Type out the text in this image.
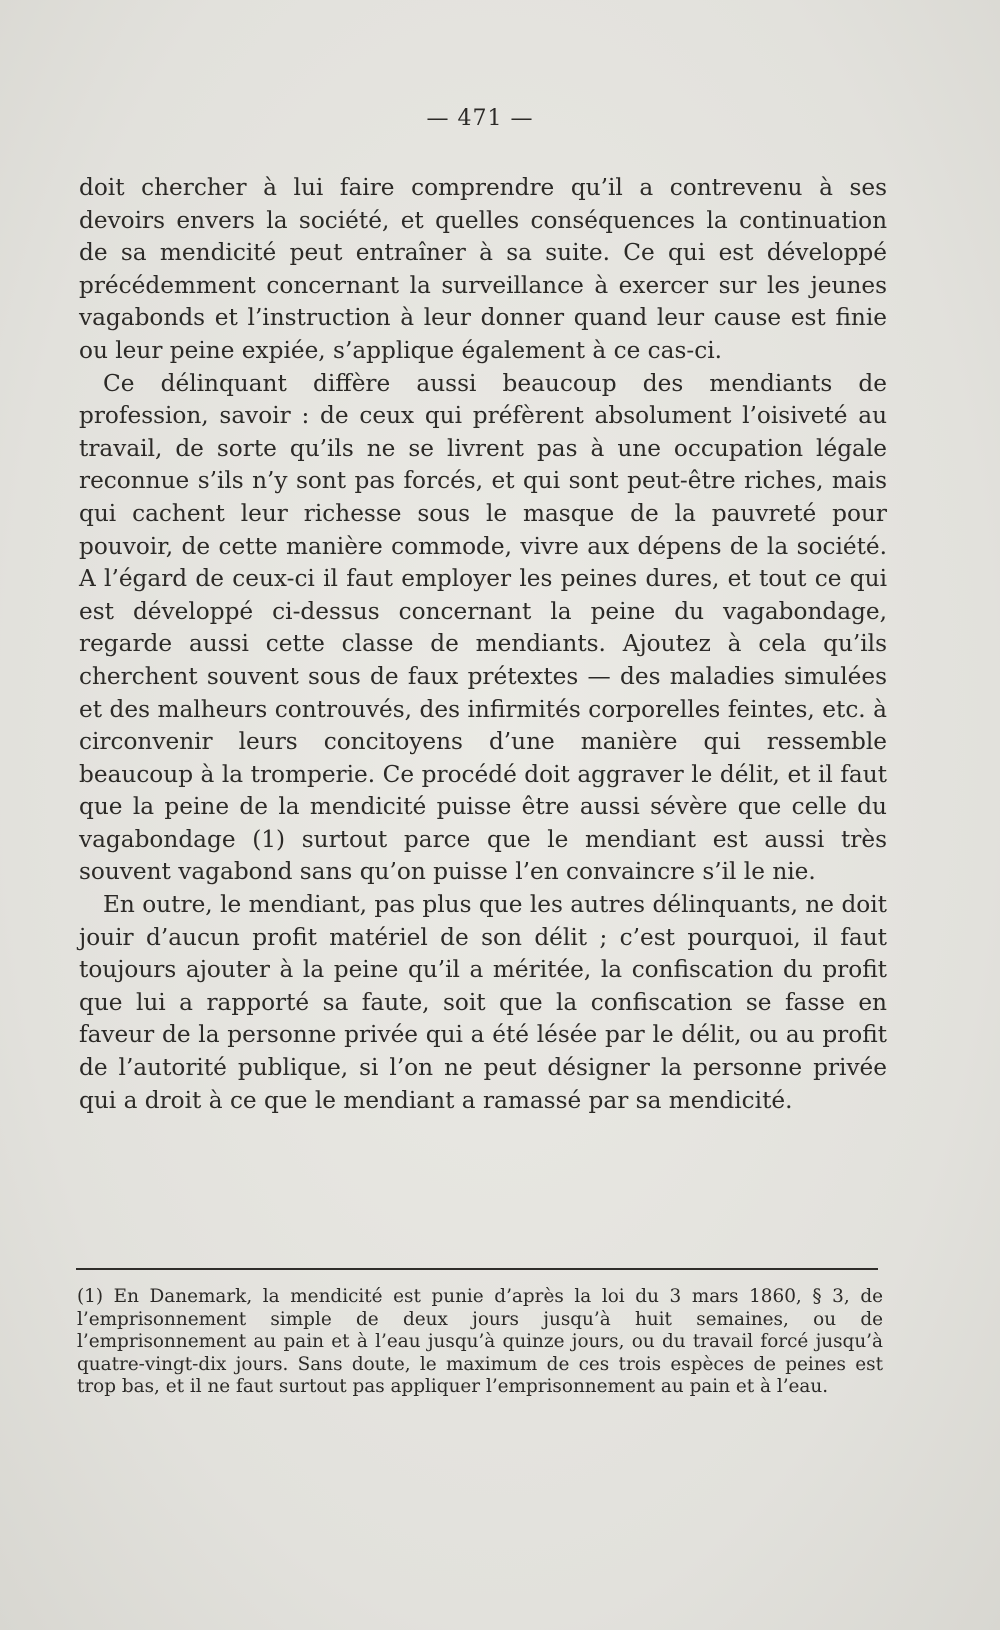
— 471 —

doit chercher à lui faire comprendre qu’il a contrevenu à ses devoirs envers la société, et quelles conséquences la continuation de sa mendicité peut entraîner à sa suite. Ce qui est développé précédemment concernant la surveillance à exercer sur les jeunes vagabonds et l’instruction à leur donner quand leur cause est finie ou leur peine expiée, s’applique également à ce cas-ci.

Ce délinquant diffère aussi beaucoup des mendiants de profession, savoir : de ceux qui préfèrent absolument l’oisiveté au travail, de sorte qu’ils ne se livrent pas à une occupation légale reconnue s’ils n’y sont pas forcés, et qui sont peut-être riches, mais qui cachent leur richesse sous le masque de la pauvreté pour pouvoir, de cette manière commode, vivre aux dépens de la société. A l’égard de ceux-ci il faut employer les peines dures, et tout ce qui est développé ci-dessus concernant la peine du vagabondage, regarde aussi cette classe de mendiants. Ajoutez à cela qu’ils cherchent souvent sous de faux prétextes — des maladies simulées et des malheurs controuvés, des infirmités corporelles feintes, etc. à circonvenir leurs concitoyens d’une manière qui ressemble beaucoup à la tromperie. Ce procédé doit aggraver le délit, et il faut que la peine de la mendicité puisse être aussi sévère que celle du vagabondage (1) surtout parce que le mendiant est aussi très souvent vagabond sans qu’on puisse l’en convaincre s’il le nie.

En outre, le mendiant, pas plus que les autres délinquants, ne doit jouir d’aucun profit matériel de son délit ; c’est pourquoi, il faut toujours ajouter à la peine qu’il a méritée, la confiscation du profit que lui a rapporté sa faute, soit que la confiscation se fasse en faveur de la personne privée qui a été lésée par le délit, ou au profit de l’autorité publique, si l’on ne peut désigner la personne privée qui a droit à ce que le mendiant a ramassé par sa mendicité.

(1) En Danemark, la mendicité est punie d’après la loi du 3 mars 1860, § 3, de l’emprisonnement simple de deux jours jusqu’à huit semaines, ou de l’emprisonnement au pain et à l’eau jusqu’à quinze jours, ou du travail forcé jusqu’à quatre-vingt-dix jours. Sans doute, le maximum de ces trois espèces de peines est trop bas, et il ne faut surtout pas appliquer l’emprisonnement au pain et à l’eau.
